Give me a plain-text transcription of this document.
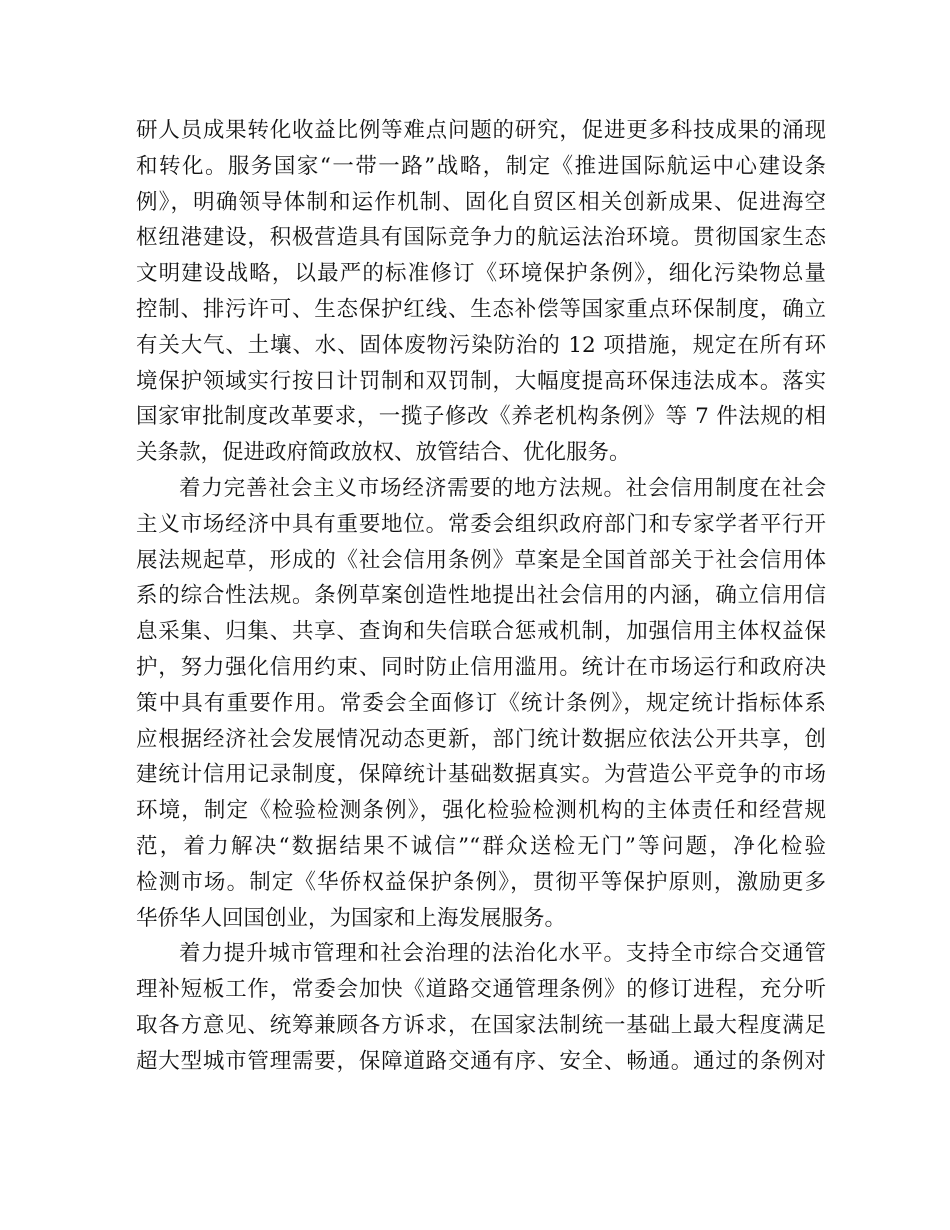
研人员成果转化收益比例等难点问题的研究，促进更多科技成果的涌现
和转化。服务国家“一带一路”战略，制定《推进国际航运中心建设条
例》，明确领导体制和运作机制、固化自贸区相关创新成果、促进海空
枢纽港建设，积极营造具有国际竞争力的航运法治环境。贯彻国家生态
文明建设战略，以最严的标准修订《环境保护条例》，细化污染物总量
控制、排污许可、生态保护红线、生态补偿等国家重点环保制度，确立
有关大气、土壤、水、固体废物污染防治的 12 项措施，规定在所有环
境保护领域实行按日计罚制和双罚制，大幅度提高环保违法成本。落实
国家审批制度改革要求，一揽子修改《养老机构条例》等 7 件法规的相
关条款，促进政府简政放权、放管结合、优化服务。
着力完善社会主义市场经济需要的地方法规。社会信用制度在社会
主义市场经济中具有重要地位。常委会组织政府部门和专家学者平行开
展法规起草，形成的《社会信用条例》草案是全国首部关于社会信用体
系的综合性法规。条例草案创造性地提出社会信用的内涵，确立信用信
息采集、归集、共享、查询和失信联合惩戒机制，加强信用主体权益保
护，努力强化信用约束、同时防止信用滥用。统计在市场运行和政府决
策中具有重要作用。常委会全面修订《统计条例》，规定统计指标体系
应根据经济社会发展情况动态更新，部门统计数据应依法公开共享，创
建统计信用记录制度，保障统计基础数据真实。为营造公平竞争的市场
环境，制定《检验检测条例》，强化检验检测机构的主体责任和经营规
范，着力解决“数据结果不诚信”“群众送检无门”等问题，净化检验
检测市场。制定《华侨权益保护条例》，贯彻平等保护原则，激励更多
华侨华人回国创业，为国家和上海发展服务。
着力提升城市管理和社会治理的法治化水平。支持全市综合交通管
理补短板工作，常委会加快《道路交通管理条例》的修订进程，充分听
取各方意见、统筹兼顾各方诉求，在国家法制统一基础上最大程度满足
超大型城市管理需要，保障道路交通有序、安全、畅通。通过的条例对
